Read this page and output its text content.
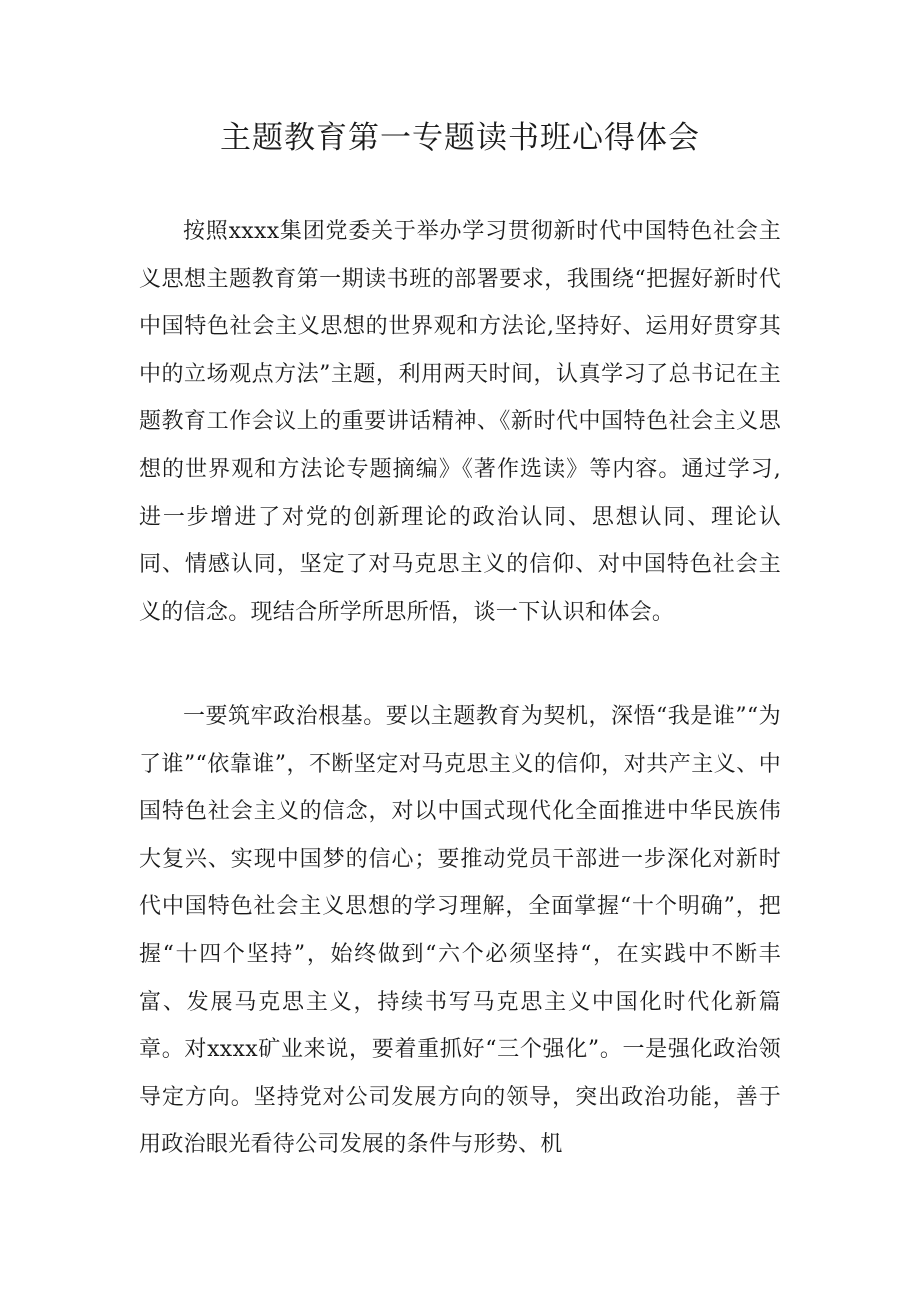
主题教育第一专题读书班心得体会

按照xxxx集团党委关于举办学习贯彻新时代中国特色社会主义思想主题教育第一期读书班的部署要求，我围绕“把握好新时代中国特色社会主义思想的世界观和方法论,坚持好、运用好贯穿其中的立场观点方法”主题，利用两天时间，认真学习了总书记在主题教育工作会议上的重要讲话精神、《新时代中国特色社会主义思想的世界观和方法论专题摘编》《著作选读》等内容。通过学习,进一步增进了对党的创新理论的政治认同、思想认同、理论认同、情感认同，坚定了对马克思主义的信仰、对中国特色社会主义的信念。现结合所学所思所悟，谈一下认识和体会。

一要筑牢政治根基。要以主题教育为契机，深悟“我是谁”“为了谁”“依靠谁”，不断坚定对马克思主义的信仰，对共产主义、中国特色社会主义的信念，对以中国式现代化全面推进中华民族伟大复兴、实现中国梦的信心；要推动党员干部进一步深化对新时代中国特色社会主义思想的学习理解，全面掌握“十个明确”，把握“十四个坚持”，始终做到“六个必须坚持“，在实践中不断丰富、发展马克思主义，持续书写马克思主义中国化时代化新篇章。对xxxx矿业来说，要着重抓好“三个强化”。一是强化政治领导定方向。坚持党对公司发展方向的领导，突出政治功能，善于用政治眼光看待公司发展的条件与形势、机
